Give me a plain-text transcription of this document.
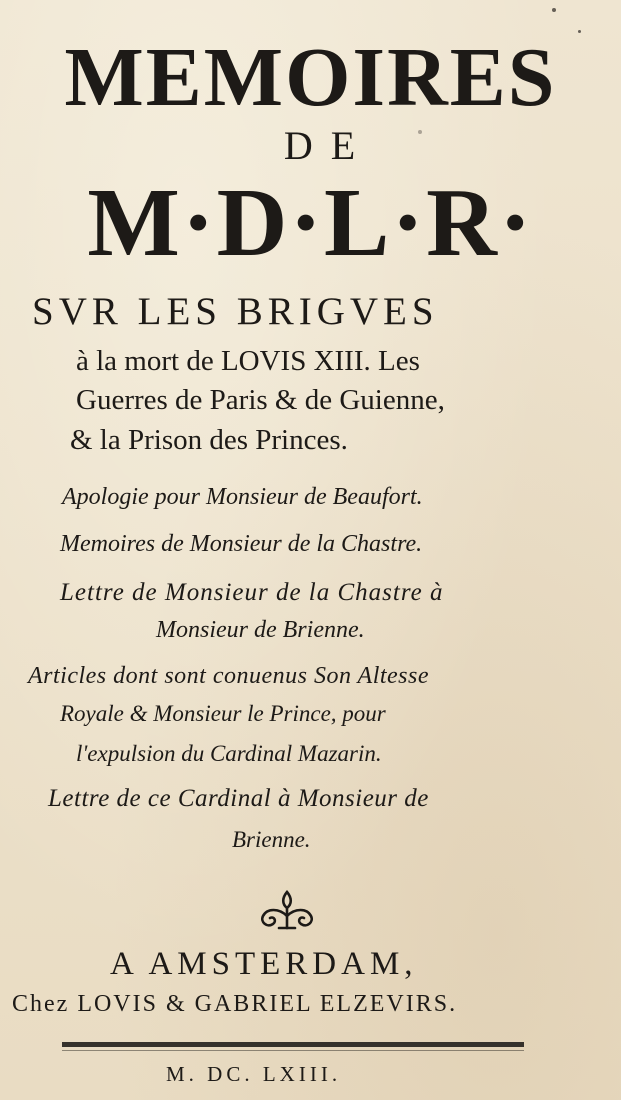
MEMOIRES
DE
M·D·L·R·
SVR LES BRIGVES
à la mort de LOVIS XIII. Les
Guerres de Paris & de Guienne,
& la Prison des Princes.
Apologie pour Monsieur de Beaufort.
Memoires de Monsieur de la Chastre.
Lettre de Monsieur de la Chastre à
Monsieur de Brienne.
Articles dont sont conuenus Son Altesse
Royale & Monsieur le Prince, pour
l'expulsion du Cardinal Mazarin.
Lettre de ce Cardinal à Monsieur de
Brienne.
A AMSTERDAM,
Chez LOVIS & GABRIEL ELZEVIRS.
M. DC. LXIII.
